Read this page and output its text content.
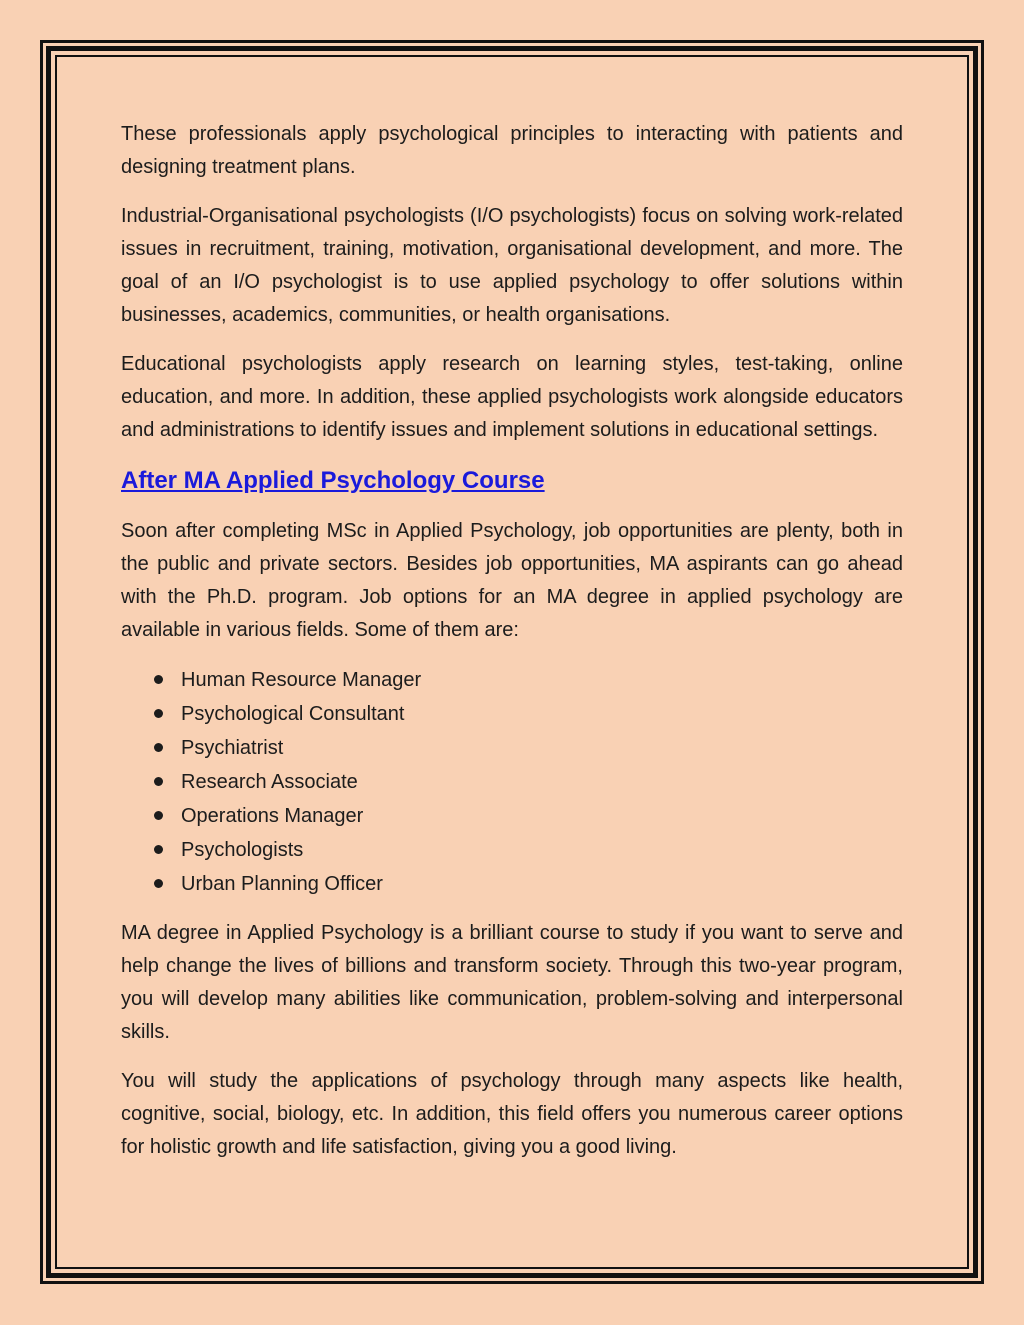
These professionals apply psychological principles to interacting with patients and designing treatment plans.

Industrial-Organisational psychologists (I/O psychologists) focus on solving work-related issues in recruitment, training, motivation, organisational development, and more. The goal of an I/O psychologist is to use applied psychology to offer solutions within businesses, academics, communities, or health organisations.

Educational psychologists apply research on learning styles, test-taking, online education, and more. In addition, these applied psychologists work alongside educators and administrations to identify issues and implement solutions in educational settings.

After MA Applied Psychology Course

Soon after completing MSc in Applied Psychology, job opportunities are plenty, both in the public and private sectors. Besides job opportunities, MA aspirants can go ahead with the Ph.D. program. Job options for an MA degree in applied psychology are available in various fields. Some of them are:

Human Resource Manager
Psychological Consultant
Psychiatrist
Research Associate
Operations Manager
Psychologists
Urban Planning Officer

MA degree in Applied Psychology is a brilliant course to study if you want to serve and help change the lives of billions and transform society. Through this two-year program, you will develop many abilities like communication, problem-solving and interpersonal skills.

You will study the applications of psychology through many aspects like health, cognitive, social, biology, etc. In addition, this field offers you numerous career options for holistic growth and life satisfaction, giving you a good living.
